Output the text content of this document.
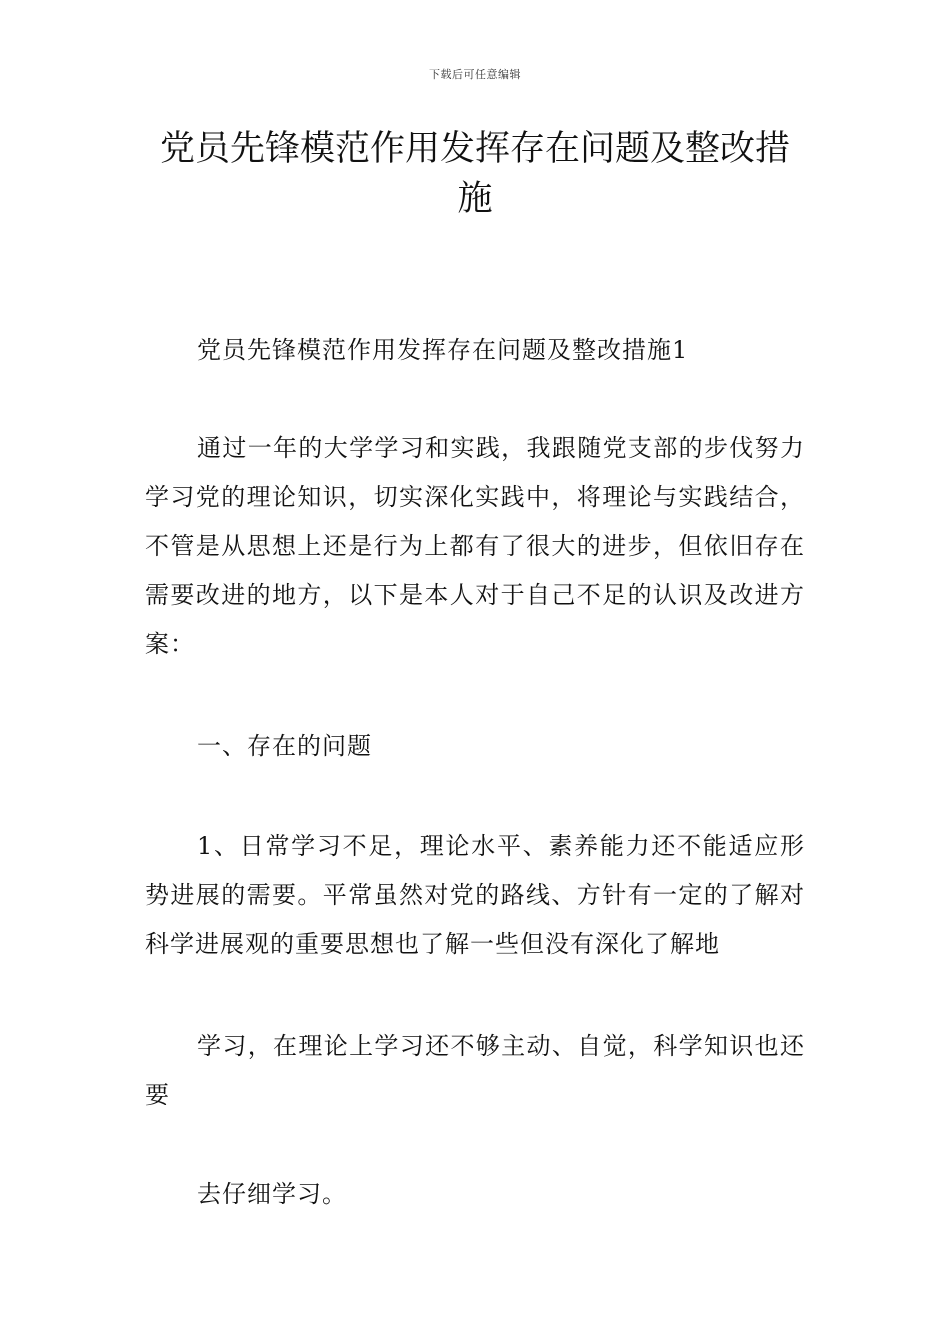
下载后可任意编辑
党员先锋模范作用发挥存在问题及整改措施

党员先锋模范作用发挥存在问题及整改措施1

通过一年的大学学习和实践，我跟随党支部的步伐努力学习党的理论知识，切实深化实践中，将理论与实践结合，不管是从思想上还是行为上都有了很大的进步，但依旧存在需要改进的地方，以下是本人对于自己不足的认识及改进方案：

一、存在的问题

1、日常学习不足，理论水平、素养能力还不能适应形势进展的需要。平常虽然对党的路线、方针有一定的了解对科学进展观的重要思想也了解一些但没有深化了解地

学习，在理论上学习还不够主动、自觉，科学知识也还要

去仔细学习。
